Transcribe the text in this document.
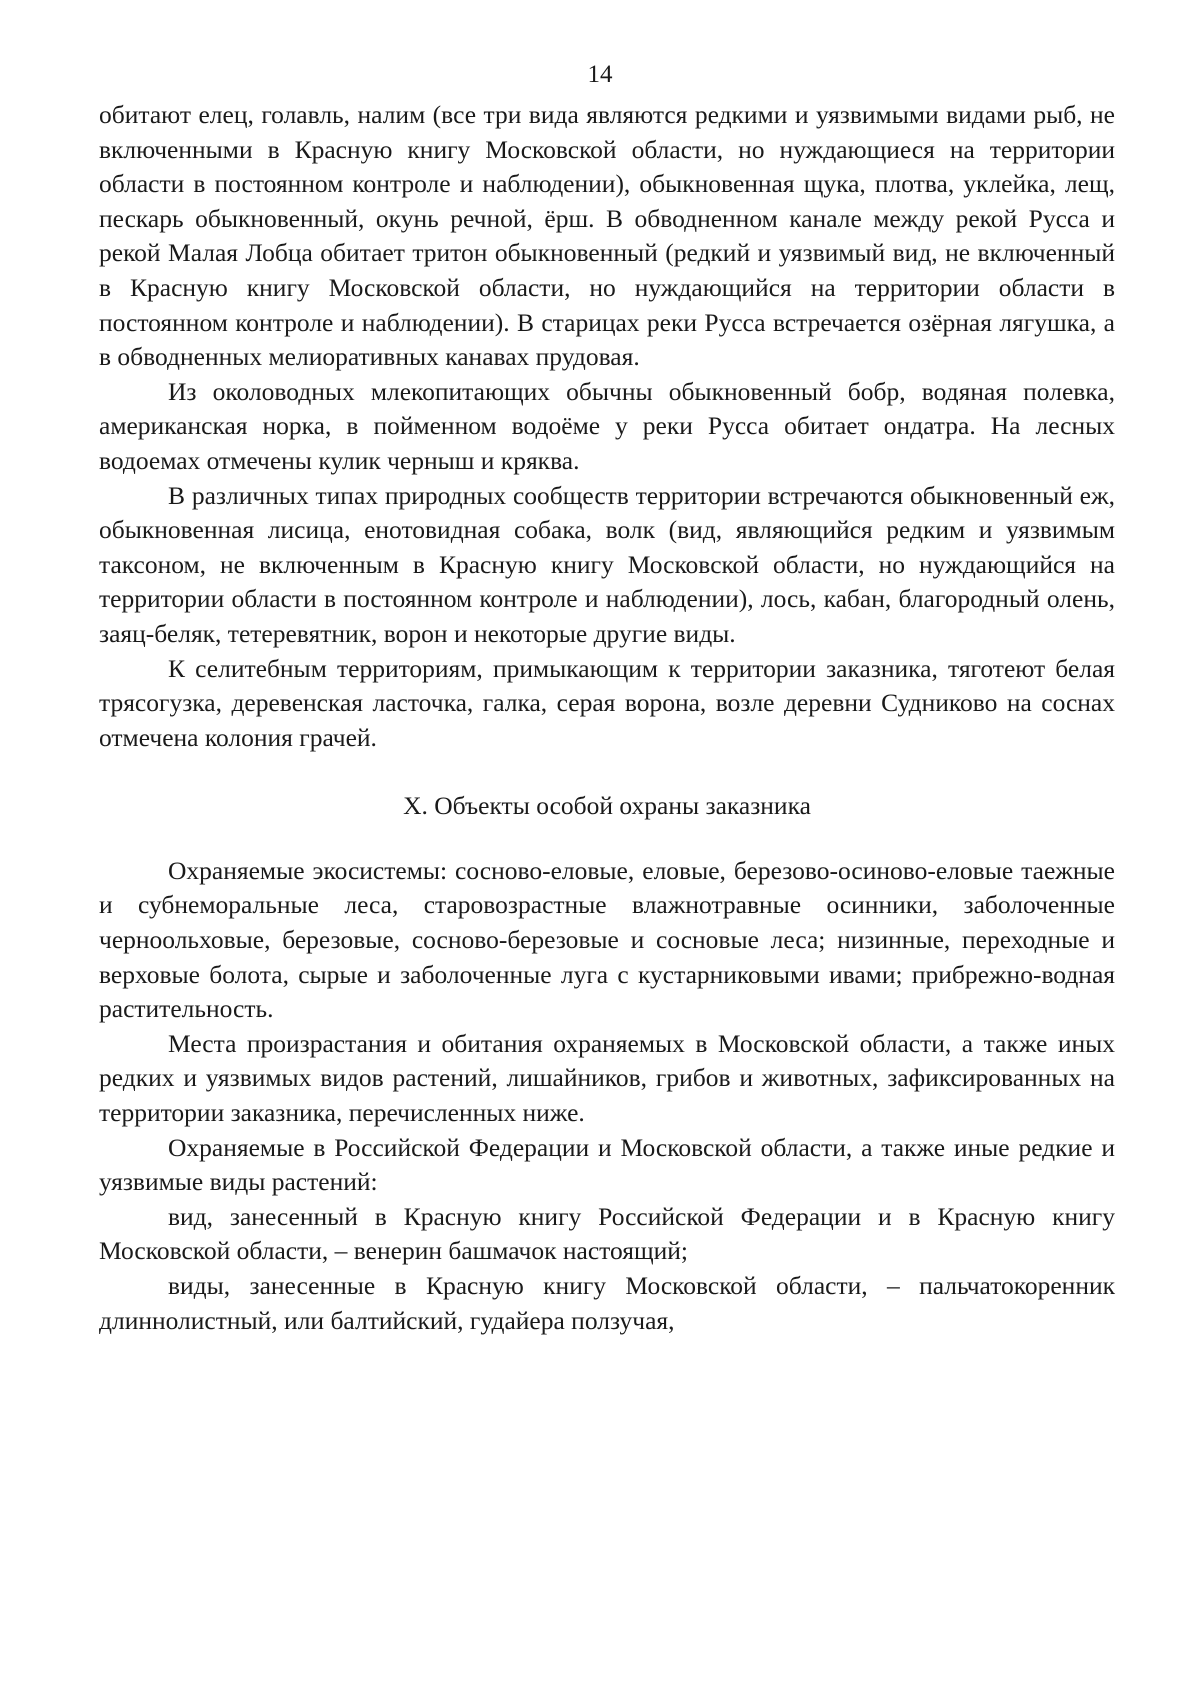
14

обитают елец, голавль, налим (все три вида являются редкими и уязвимыми видами рыб, не включенными в Красную книгу Московской области, но нуждающиеся на территории области в постоянном контроле и наблюдении), обыкновенная щука, плотва, уклейка, лещ, пескарь обыкновенный, окунь речной, ёрш. В обводненном канале между рекой Русса и рекой Малая Лобца обитает тритон обыкновенный (редкий и уязвимый вид, не включенный в Красную книгу Московской области, но нуждающийся на территории области в постоянном контроле и наблюдении). В старицах реки Русса встречается озёрная лягушка, а в обводненных мелиоративных канавах прудовая.

Из околоводных млекопитающих обычны обыкновенный бобр, водяная полевка, американская норка, в пойменном водоёме у реки Русса обитает ондатра. На лесных водоемах отмечены кулик черныш и кряква.

В различных типах природных сообществ территории встречаются обыкновенный еж, обыкновенная лисица, енотовидная собака, волк (вид, являющийся редким и уязвимым таксоном, не включенным в Красную книгу Московской области, но нуждающийся на территории области в постоянном контроле и наблюдении), лось, кабан, благородный олень, заяц-беляк, тетеревятник, ворон и некоторые другие виды.

К селитебным территориям, примыкающим к территории заказника, тяготеют белая трясогузка, деревенская ласточка, галка, серая ворона, возле деревни Судниково на соснах отмечена колония грачей.

X. Объекты особой охраны заказника

Охраняемые экосистемы: сосново-еловые, еловые, березово-осиново-еловые таежные и субнеморальные леса, старовозрастные влажнотравные осинники, заболоченные черноольховые, березовые, сосново-березовые и сосновые леса; низинные, переходные и верховые болота, сырые и заболоченные луга с кустарниковыми ивами; прибрежно-водная растительность.

Места произрастания и обитания охраняемых в Московской области, а также иных редких и уязвимых видов растений, лишайников, грибов и животных, зафиксированных на территории заказника, перечисленных ниже.

Охраняемые в Российской Федерации и Московской области, а также иные редкие и уязвимые виды растений:

вид, занесенный в Красную книгу Российской Федерации и в Красную книгу Московской области, – венерин башмачок настоящий;

виды, занесенные в Красную книгу Московской области, – пальчатокоренник длиннолистный, или балтийский, гудайера ползучая,
